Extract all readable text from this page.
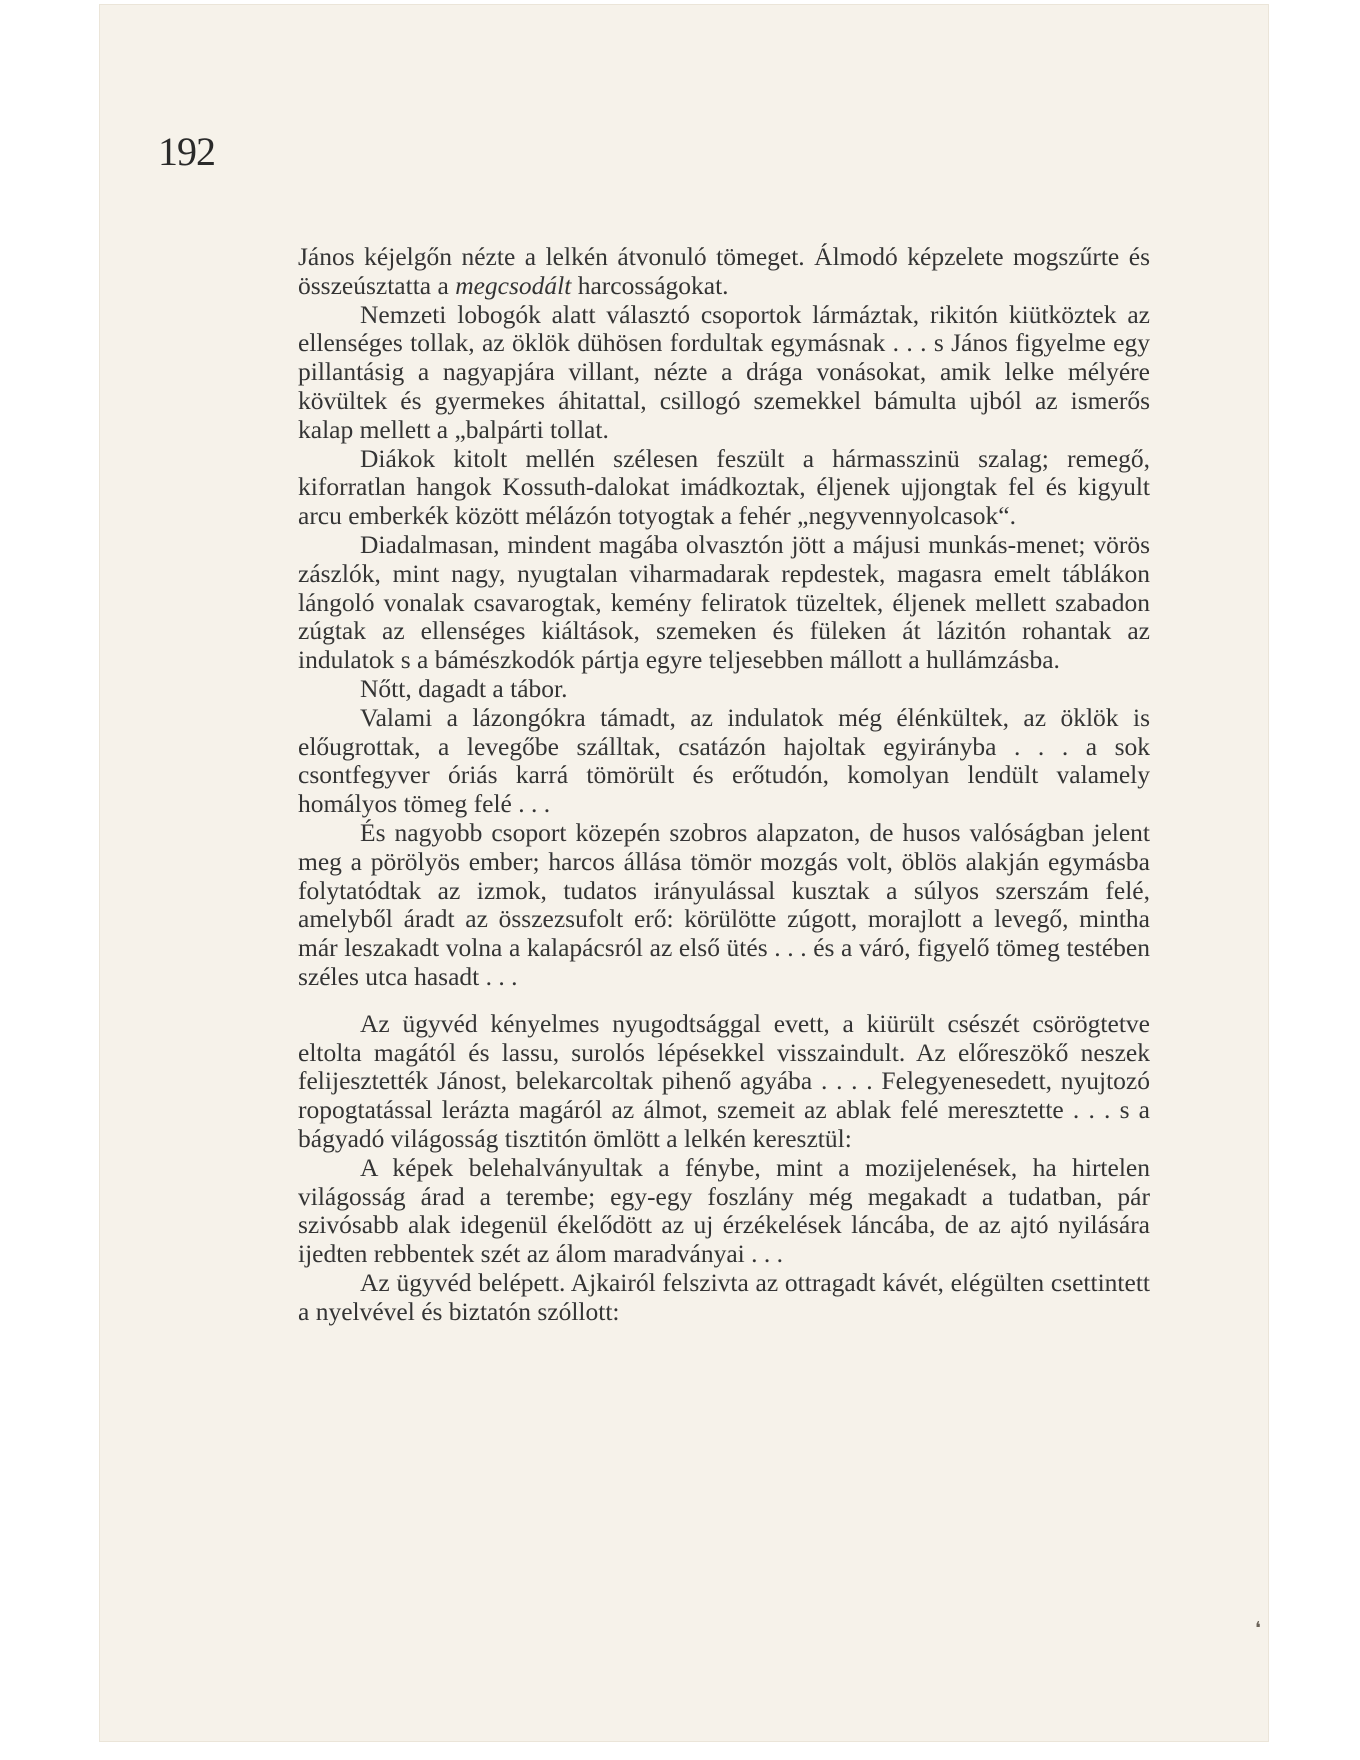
192

János kéjelgőn nézte a lelkén átvonuló tömeget. Álmodó képzelete mogszűrte és összeúsztatta a megcsodált harcosságokat.

Nemzeti lobogók alatt választó csoportok lármáztak, rikitón kiütköztek az ellenséges tollak, az öklök dühösen fordultak egymásnak . . . s János figyelme egy pillantásig a nagyapjára villant, nézte a drága vonásokat, amik lelke mélyére kövültek és gyermekes áhitattal, csillogó szemekkel bámulta ujból az ismerős kalap mellett a „balpárti tollat.

Diákok kitolt mellén szélesen feszült a hármasszinü szalag; remegő, kiforratlan hangok Kossuth-dalokat imádkoztak, éljenek ujjongtak fel és kigyult arcu emberkék között mélázón totyogtak a fehér „negyvennyolcasok“.

Diadalmasan, mindent magába olvasztón jött a májusi munkás-menet; vörös zászlók, mint nagy, nyugtalan viharmadarak repdestek, magasra emelt táblákon lángoló vonalak csavarogtak, kemény feliratok tüzeltek, éljenek mellett szabadon zúgtak az ellenséges kiáltások, szemeken és füleken át lázitón rohantak az indulatok s a bámészkodók pártja egyre teljesebben mállott a hullámzásba.

Nőtt, dagadt a tábor.

Valami a lázongókra támadt, az indulatok még élénkültek, az öklök is előugrottak, a levegőbe szálltak, csatázón hajoltak egyirányba . . . a sok csontfegyver óriás karrá tömörült és erőtudón, komolyan lendült valamely homályos tömeg felé . . .

És nagyobb csoport közepén szobros alapzaton, de husos valóságban jelent meg a pörölyös ember; harcos állása tömör mozgás volt, öblös alakján egymásba folytatódtak az izmok, tudatos irányulással kusztak a súlyos szerszám felé, amelyből áradt az összezsufolt erő: körülötte zúgott, morajlott a levegő, mintha már leszakadt volna a kalapácsról az első ütés . . . és a váró, figyelő tömeg testében széles utca hasadt . . .

Az ügyvéd kényelmes nyugodtsággal evett, a kiürült csészét csörögtetve eltolta magától és lassu, surolós lépésekkel visszaindult. Az előreszökő neszek felijesztették Jánost, belekarcoltak pihenő agyába . . . . Felegyenesedett, nyujtozó ropogtatással lerázta magáról az álmot, szemeit az ablak felé meresztette . . . s a bágyadó világosság tisztitón ömlött a lelkén keresztül:

A képek belehalványultak a fénybe, mint a mozijelenések, ha hirtelen világosság árad a terembe; egy-egy foszlány még megakadt a tudatban, pár szivósabb alak idegenül ékelődött az uj érzékelések láncába, de az ajtó nyilására ijedten rebbentek szét az álom maradványai . . .

Az ügyvéd belépett. Ajkairól felszivta az ottragadt kávét, elégülten csettintett a nyelvével és biztatón szóllott:

❛
